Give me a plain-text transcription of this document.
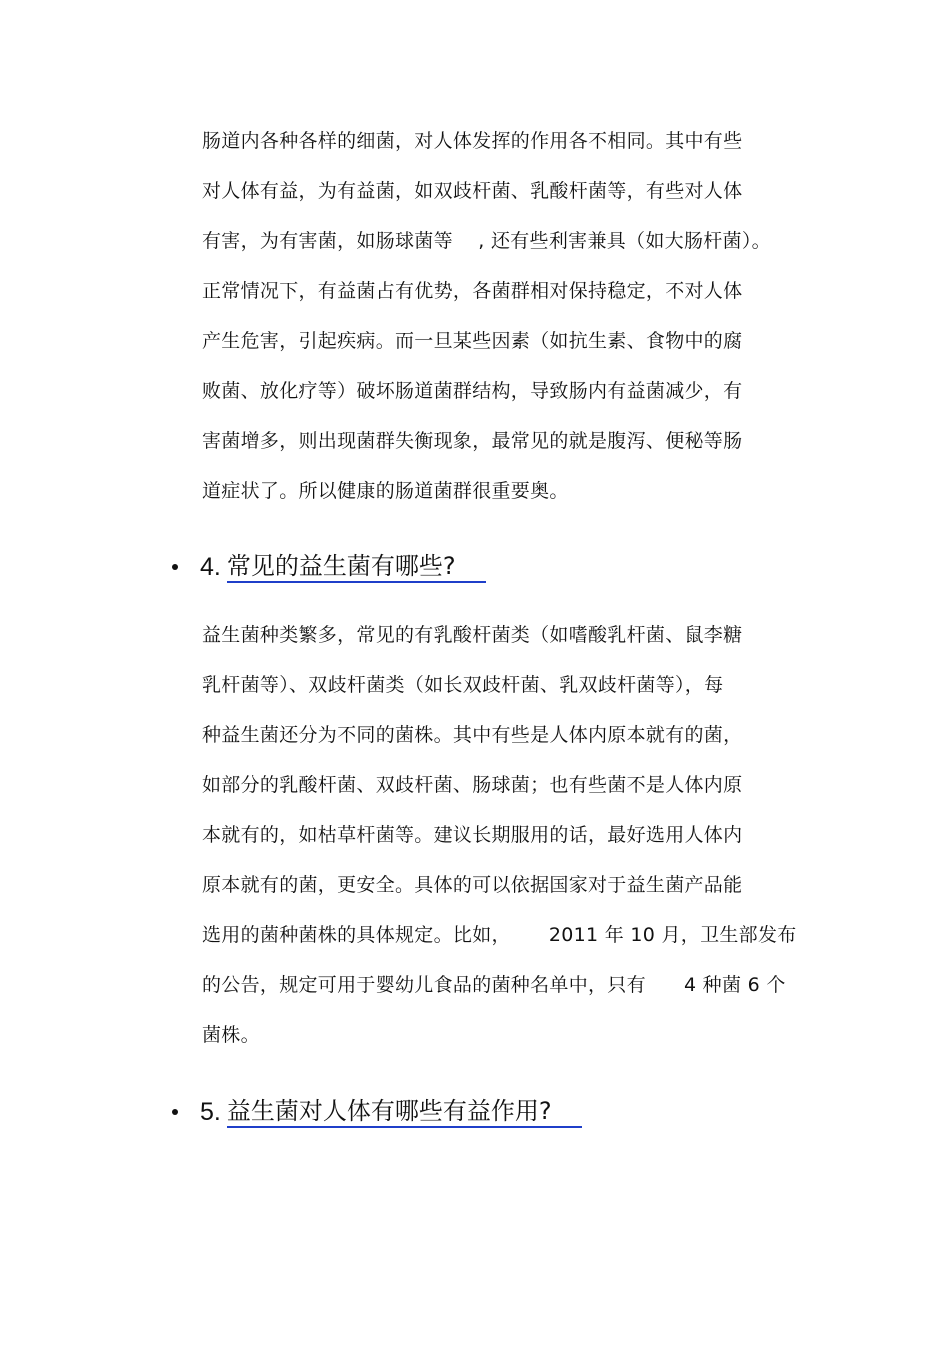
肠道内各种各样的细菌，对人体发挥的作用各不相同。其中有些
对人体有益，为有益菌，如双歧杆菌、乳酸杆菌等，有些对人体
有害，为有害菌，如肠球菌等    , 还有些利害兼具（如大肠杆菌）。
正常情况下，有益菌占有优势，各菌群相对保持稳定，不对人体
产生危害，引起疾病。而一旦某些因素（如抗生素、食物中的腐
败菌、放化疗等）破坏肠道菌群结构，导致肠内有益菌减少，有
害菌增多，则出现菌群失衡现象，最常见的就是腹泻、便秘等肠
道症状了。所以健康的肠道菌群很重要奥。
4. 常见的益生菌有哪些?
益生菌种类繁多，常见的有乳酸杆菌类（如嗜酸乳杆菌、鼠李糖
乳杆菌等）、双歧杆菌类（如长双歧杆菌、乳双歧杆菌等），每
种益生菌还分为不同的菌株。其中有些是人体内原本就有的菌，
如部分的乳酸杆菌、双歧杆菌、肠球菌；也有些菌不是人体内原
本就有的，如枯草杆菌等。建议长期服用的话，最好选用人体内
原本就有的菌，更安全。具体的可以依据国家对于益生菌产品能
选用的菌种菌株的具体规定。比如，      2011 年 10 月，卫生部发布
的公告，规定可用于婴幼儿食品的菌种名单中，只有      4 种菌 6 个
菌株。
5. 益生菌对人体有哪些有益作用?
